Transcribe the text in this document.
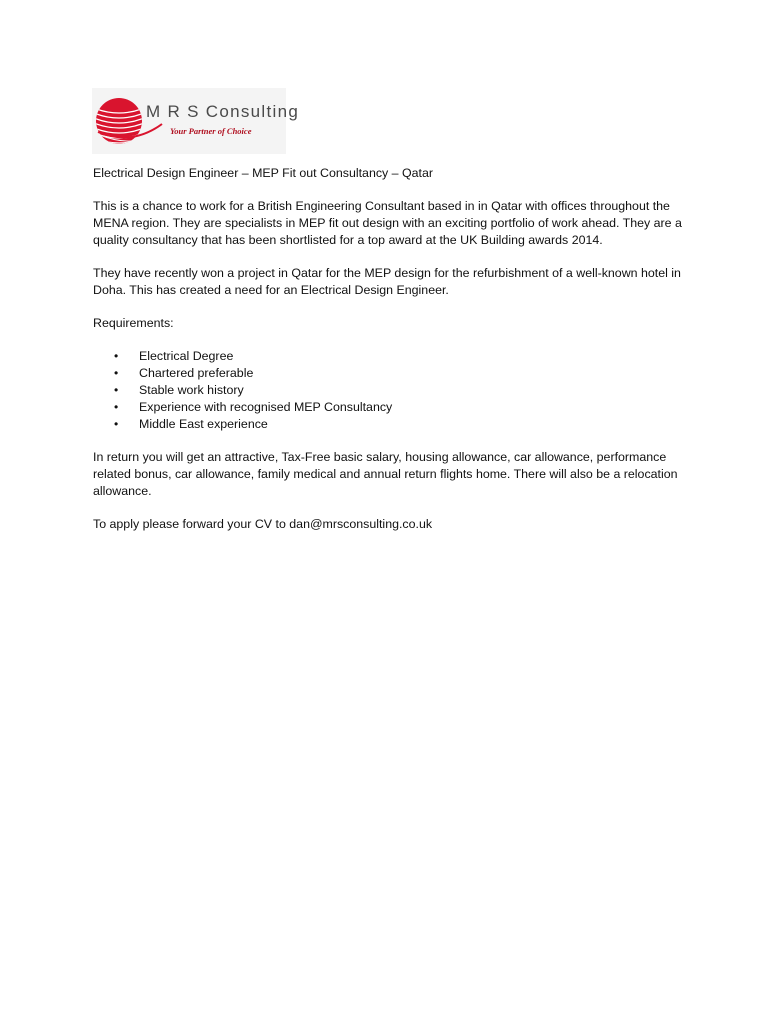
M R S Consulting
Your Partner of Choice

Electrical Design Engineer – MEP Fit out Consultancy – Qatar

This is a chance to work for a British Engineering Consultant based in in Qatar with offices throughout the MENA region. They are specialists in MEP fit out design with an exciting portfolio of work ahead. They are a quality consultancy that has been shortlisted for a top award at the UK Building awards 2014.

They have recently won a project in Qatar for the MEP design for the refurbishment of a well-known hotel in Doha. This has created a need for an Electrical Design Engineer.

Requirements:

• Electrical Degree
• Chartered preferable
• Stable work history
• Experience with recognised MEP Consultancy
• Middle East experience

In return you will get an attractive, Tax-Free basic salary, housing allowance, car allowance, performance related bonus, car allowance, family medical and annual return flights home. There will also be a relocation allowance.

To apply please forward your CV to dan@mrsconsulting.co.uk
